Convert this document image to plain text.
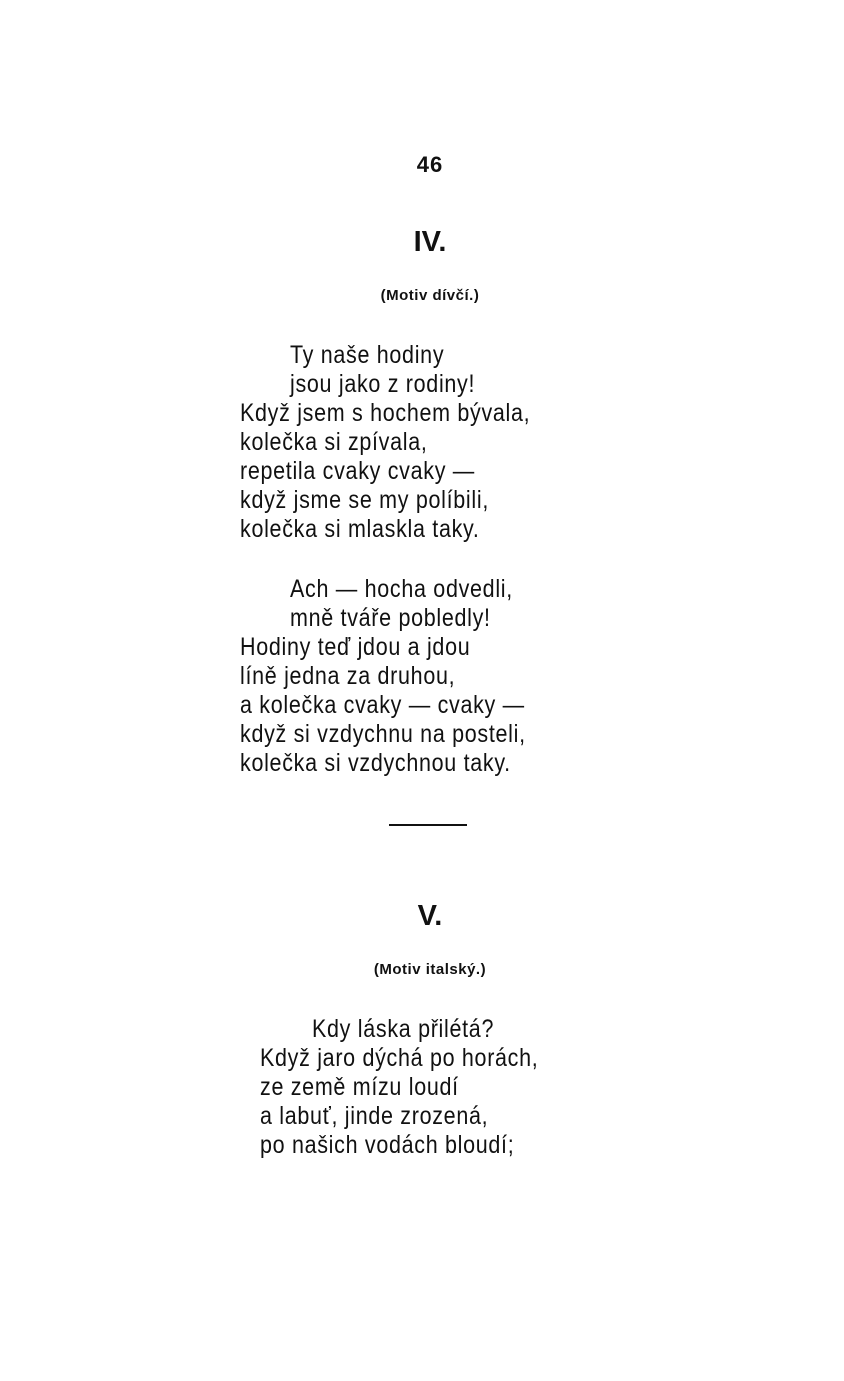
46
IV.
(Motiv dívčí.)
Ty naše hodiny
jsou jako z rodiny!
Když jsem s hochem bývala,
kolečka si zpívala,
repetila cvaky cvaky —
když jsme se my políbili,
kolečka si mlaskla taky.
Ach — hocha odvedli,
mně tváře pobledly!
Hodiny teď jdou a jdou
líně jedna za druhou,
a kolečka cvaky — cvaky —
když si vzdychnu na posteli,
kolečka si vzdychnou taky.
V.
(Motiv italský.)
Kdy láska přilétá?
Když jaro dýchá po horách,
ze země mízu loudí
a labuť, jinde zrozená,
po našich vodách bloudí;
